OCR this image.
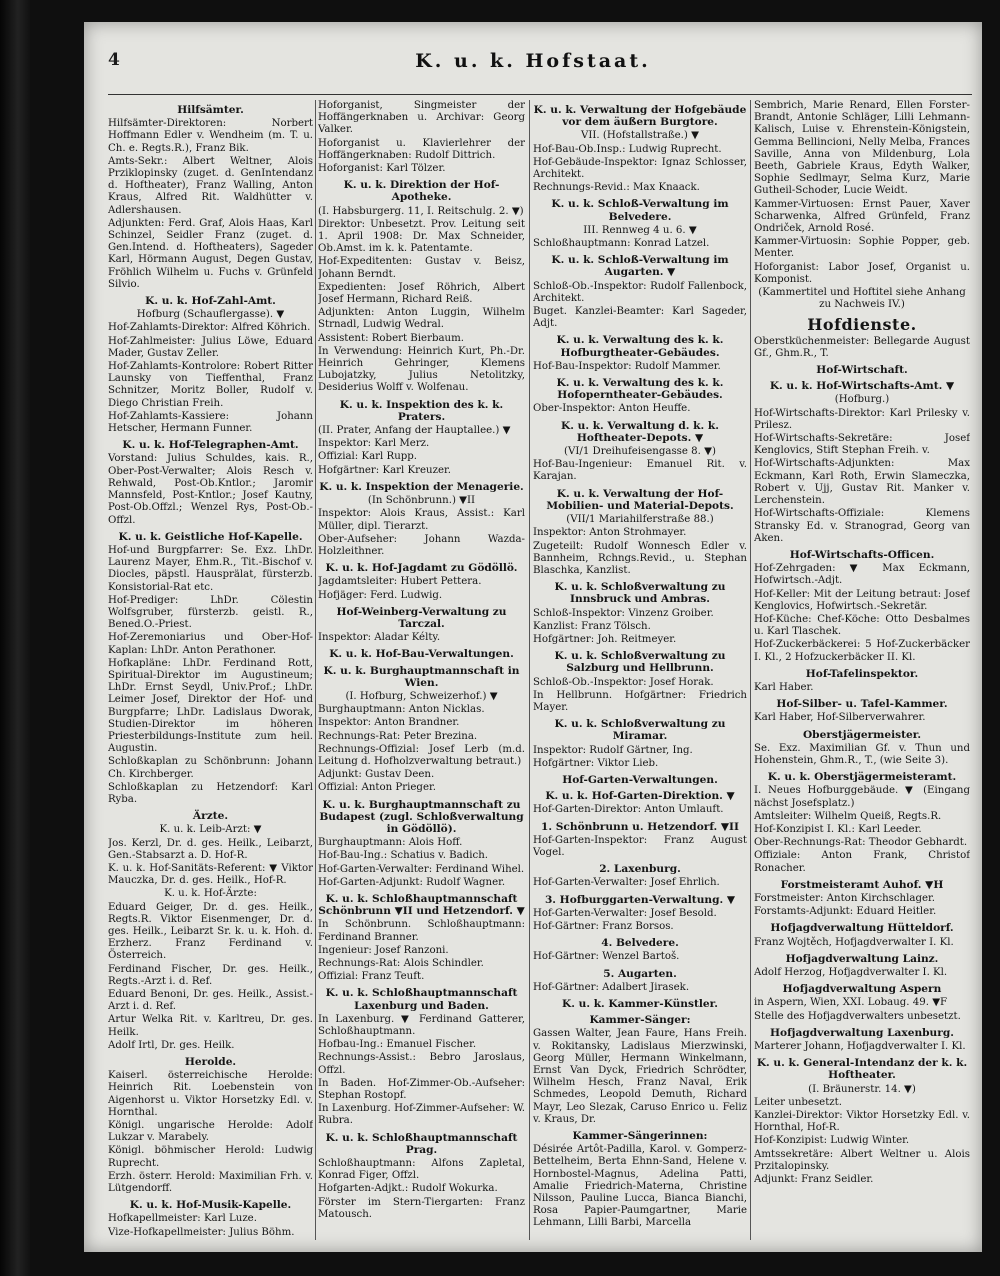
4	K. u. k. Hofstaat.
Hilfsämter.
Hilfsämter-Direktoren: Norbert Hoffmann Edler v. Wendheim (m. T. u. Ch. e. Regts.R.), Franz Bik.
Amts-Sekr.: Albert Weltner, Alois Prziklopinsky (zuget. d. GenIntendanz d. Hoftheater), Franz Walling, Anton Kraus, Alfred Rit. Waldhütter v. Adlershausen.
Adjunkten: Ferd. Graf, Alois Haas, Karl Schinzel, Seidler Franz (zuget. d. Gen.Intend. d. Hoftheaters), Sageder Karl, Hörmann August, Degen Gustav, Fröhlich Wilhelm u. Fuchs v. Grünfeld Silvio.
K. u. k. Hof-Zahl-Amt.
Hofburg (Schauflergasse). ▼
Hof-Zahlamts-Direktor: Alfred Köhrich.
Hof-Zahlmeister: Julius Löwe, Eduard Mader, Gustav Zeller.
Hof-Zahlamts-Kontrolore: Robert Ritter Launsky von Tieffenthal, Franz Schnitzer, Moritz Boller, Rudolf v. Diego Christian Freih.
Hof-Zahlamts-Kassiere: Johann Hetscher, Hermann Funner.
K. u. k. Hof-Telegraphen-Amt.
Vorstand: Julius Schuldes, kais. R., Ober-Post-Verwalter; Alois Resch v. Rehwald, Post-Ob.Kntlor.; Jaromir Mannsfeld, Post-Kntlor.; Josef Kautny, Post-Ob.Offzl.; Wenzel Rys, Post-Ob.-Offzl.
K. u. k. Geistliche Hof-Kapelle.
Hof-und Burgpfarrer: Se. Exz. LhDr. Laurenz Mayer, Ehm.R., Tit.-Bischof v. Diocles, päpstl. Hausprälat, fürsterzb. Konsistorial-Rat etc.
Hof-Prediger: LhDr. Cölestin Wolfsgruber, fürsterzb. geistl. R., Bened.O.-Priest.
Hof-Zeremoniarius und Ober-Hof-Kaplan: LhDr. Anton Perathoner.
Hofkapläne: LhDr. Ferdinand Rott, Spiritual-Direktor im Augustineum; LhDr. Ernst Seydl, Univ.Prof.; LhDr. Leimer Josef, Direktor der Hof- und Burgpfarre; LhDr. Ladislaus Dworak, Studien-Direktor im höheren Priesterbildungs-Institute zum heil. Augustin.
Schloßkaplan zu Schönbrunn: Johann Ch. Kirchberger.
Schloßkaplan zu Hetzendorf: Karl Ryba.
Ärzte.
K. u. k. Leib-Arzt: ▼
Jos. Kerzl, Dr. d. ges. Heilk., Leibarzt, Gen.-Stabsarzt a. D. Hof-R.
K. u. k. Hof-Sanitäts-Referent: ▼ Viktor Mauczka, Dr. d. ges. Heilk., Hof-R.
K. u. k. Hof-Ärzte:
Eduard Geiger, Dr. d. ges. Heilk., Regts.R. Viktor Eisenmenger, Dr. d. ges. Heilk., Leibarzt Sr. k. u. k. Hoh. d. Erzherz. Franz Ferdinand v. Österreich.
Ferdinand Fischer, Dr. ges. Heilk., Regts.-Arzt i. d. Ref.
Eduard Benoni, Dr. ges. Heilk., Assist.-Arzt i. d. Ref.
Artur Welka Rit. v. Karltreu, Dr. ges. Heilk.
Adolf Irtl, Dr. ges. Heilk.
Herolde.
Kaiserl. österreichische Herolde: Heinrich Rit. Loebenstein von Aigenhorst u. Viktor Horsetzky Edl. v. Hornthal.
Königl. ungarische Herolde: Adolf Lukzar v. Marabely.
Königl. böhmischer Herold: Ludwig Ruprecht.
Erzh. österr. Herold: Maximilian Frh. v. Lütgendorff.
K. u. k. Hof-Musik-Kapelle.
Hofkapellmeister: Karl Luze.
Vize-Hofkapellmeister: Julius Böhm.
Hoforganist, Singmeister der Hoffängerknaben u. Archivar: Georg Valker.
Hoforganist u. Klavierlehrer der Hoffängerknaben: Rudolf Dittrich.
Hoforganist: Karl Tölzer.
K. u. k. Direktion der Hof-Apotheke.
(I. Habsburgerg. 11, I. Reitschulg. 2. ▼)
Direktor: Unbesetzt. Prov. Leitung seit 1. April 1908: Dr. Max Schneider, Ob.Amst. im k. k. Patentamte.
Hof-Expeditenten: Gustav v. Beisz, Johann Berndt.
Expedienten: Josef Röhrich, Albert Josef Hermann, Richard Reiß.
Adjunkten: Anton Luggin, Wilhelm Strnadl, Ludwig Wedral.
Assistent: Robert Bierbaum.
In Verwendung: Heinrich Kurt, Ph.-Dr. Heinrich Gehringer, Klemens Lubojatzky, Julius Netolitzky, Desiderius Wolff v. Wolfenau.
K. u. k. Inspektion des k. k. Praters.
(II. Prater, Anfang der Hauptallee.) ▼
Inspektor: Karl Merz.
Offizial: Karl Rupp.
Hofgärtner: Karl Kreuzer.
K. u. k. Inspektion der Menagerie.
(In Schönbrunn.) ▼II
Inspektor: Alois Kraus, Assist.: Karl Müller, dipl. Tierarzt.
Ober-Aufseher: Johann Wazda-Holzleithner.
K. u. k. Hof-Jagdamt zu Gödöllö.
Jagdamtsleiter: Hubert Pettera.
Hofjäger: Ferd. Ludwig.
Hof-Weinberg-Verwaltung zu Tarczal.
Inspektor: Aladar Kélty.
K. u. k. Hof-Bau-Verwaltungen.
K. u. k. Burghauptmannschaft in Wien.
(I. Hofburg, Schweizerhof.) ▼
Burghauptmann: Anton Nicklas.
Inspektor: Anton Brandner.
Rechnungs-Rat: Peter Brezina.
Rechnungs-Offizial: Josef Lerb (m.d. Leitung d. Hofholzverwaltung betraut.)
Adjunkt: Gustav Deen.
Offizial: Anton Prieger.
K. u. k. Burghauptmannschaft zu Budapest (zugl. Schloßverwaltung in Gödöllö).
Burghauptmann: Alois Hoff.
Hof-Bau-Ing.: Schatius v. Badich.
Hof-Garten-Verwalter: Ferdinand Wihel.
Hof-Garten-Adjunkt: Rudolf Wagner.
K. u. k. Schloßhauptmannschaft Schönbrunn ▼II und Hetzendorf. ▼
In Schönbrunn. Schloßhauptmann: Ferdinand Branner.
Ingenieur: Josef Ranzoni.
Rechnungs-Rat: Alois Schindler.
Offizial: Franz Teuft.
K. u. k. Schloßhauptmannschaft Laxenburg und Baden.
In Laxenburg. ▼ Ferdinand Gatterer, Schloßhauptmann.
Hofbau-Ing.: Emanuel Fischer.
Rechnungs-Assist.: Bebro Jaroslaus, Offzl.
In Baden. Hof-Zimmer-Ob.-Aufseher: Stephan Rostopf.
In Laxenburg. Hof-Zimmer-Aufseher: W. Rubra.
K. u. k. Schloßhauptmannschaft Prag.
Schloßhauptmann: Alfons Zapletal, Konrad Figer, Offzl.
Hofgarten-Adjkt.: Rudolf Wokurka.
Förster im Stern-Tiergarten: Franz Matousch.
K. u. k. Verwaltung der Hofgebäude vor dem äußern Burgtore.
VII. (Hofstallstraße.) ▼
Hof-Bau-Ob.Insp.: Ludwig Ruprecht.
Hof-Gebäude-Inspektor: Ignaz Schlosser, Architekt.
Rechnungs-Revid.: Max Knaack.
K. u. k. Schloß-Verwaltung im Belvedere.
III. Rennweg 4 u. 6. ▼
Schloßhauptmann: Konrad Latzel.
K. u. k. Schloß-Verwaltung im Augarten. ▼
Schloß-Ob.-Inspektor: Rudolf Fallenbock, Architekt.
Buget. Kanzlei-Beamter: Karl Sageder, Adjt.
K. u. k. Verwaltung des k. k. Hofburgtheater-Gebäudes.
Hof-Bau-Inspektor: Rudolf Mammer.
K. u. k. Verwaltung des k. k. Hofoperntheater-Gebäudes.
Ober-Inspektor: Anton Heuffe.
K. u. k. Verwaltung d. k. k. Hoftheater-Depots. ▼
(VI/1 Dreihufeisengasse 8. ▼)
Hof-Bau-Ingenieur: Emanuel Rit. v. Karajan.
K. u. k. Verwaltung der Hof-Mobilien- und Material-Depots.
(VII/1 Mariahilferstraße 88.)
Inspektor: Anton Strohmayer.
Zugeteilt: Rudolf Wonnesch Edler v. Bannheim, Rchngs.Revid., u. Stephan Blaschka, Kanzlist.
K. u. k. Schloßverwaltung zu Innsbruck und Ambras.
Schloß-Inspektor: Vinzenz Groiber.
Kanzlist: Franz Tölsch.
Hofgärtner: Joh. Reitmeyer.
K. u. k. Schloßverwaltung zu Salzburg und Hellbrunn.
Schloß-Ob.-Inspektor: Josef Horak.
In Hellbrunn. Hofgärtner: Friedrich Mayer.
K. u. k. Schloßverwaltung zu Miramar.
Inspektor: Rudolf Gärtner, Ing.
Hofgärtner: Viktor Lieb.
Hof-Garten-Verwaltungen.
K. u. k. Hof-Garten-Direktion. ▼
Hof-Garten-Direktor: Anton Umlauft.
1. Schönbrunn u. Hetzendorf. ▼II
Hof-Garten-Inspektor: Franz August Vogel.
2. Laxenburg.
Hof-Garten-Verwalter: Josef Ehrlich.
3. Hofburggarten-Verwaltung. ▼
Hof-Garten-Verwalter: Josef Besold.
Hof-Gärtner: Franz Borsos.
4. Belvedere.
Hof-Gärtner: Wenzel Bartoš.
5. Augarten.
Hof-Gärtner: Adalbert Jirasek.
K. u. k. Kammer-Künstler.
Kammer-Sänger:
Gassen Walter, Jean Faure, Hans Freih. v. Rokitansky, Ladislaus Mierzwinski, Georg Müller, Hermann Winkelmann, Ernst Van Dyck, Friedrich Schrödter, Wilhelm Hesch, Franz Naval, Erik Schmedes, Leopold Demuth, Richard Mayr, Leo Slezak, Caruso Enrico u. Feliz v. Kraus, Dr.
Kammer-Sängerinnen:
Désirée Artôt-Padilla, Karol. v. Gomperz-Bettelheim, Berta Ehnn-Sand, Helene v. Hornbostel-Magnus, Adelina Patti, Amalie Friedrich-Materna, Christine Nilsson, Pauline Lucca, Bianca Bianchi, Rosa Papier-Paumgartner, Marie Lehmann, Lilli Barbi, Marcella
Sembrich, Marie Renard, Ellen Forster-Brandt, Antonie Schläger, Lilli Lehmann-Kalisch, Luise v. Ehrenstein-Königstein, Gemma Bellincioni, Nelly Melba, Frances Saville, Anna von Mildenburg, Lola Beeth, Gabriele Kraus, Edyth Walker, Sophie Sedlmayr, Selma Kurz, Marie Gutheil-Schoder, Lucie Weidt.
Kammer-Virtuosen: Ernst Pauer, Xaver Scharwenka, Alfred Grünfeld, Franz Ondriček, Arnold Rosé.
Kammer-Virtuosin: Sophie Popper, geb. Menter.
Hoforganist: Labor Josef, Organist u. Komponist.
(Kammertitel und Hoftitel siehe Anhang zu Nachweis IV.)
Hofdienste.
Oberstküchenmeister: Bellegarde August Gf., Ghm.R., T.
Hof-Wirtschaft.
K. u. k. Hof-Wirtschafts-Amt. ▼
(Hofburg.)
Hof-Wirtschafts-Direktor: Karl Prilesky v. Prilesz.
Hof-Wirtschafts-Sekretäre: Josef Kenglovics, Stift Stephan Freih. v.
Hof-Wirtschafts-Adjunkten: Max Eckmann, Karl Roth, Erwin Slameczka, Robert v. Ujj, Gustav Rit. Manker v. Lerchenstein.
Hof-Wirtschafts-Offiziale: Klemens Stransky Ed. v. Stranograd, Georg van Aken.
Hof-Wirtschafts-Officen.
Hof-Zehrgaden: ▼ Max Eckmann, Hofwirtsch.-Adjt.
Hof-Keller: Mit der Leitung betraut: Josef Kenglovics, Hofwirtsch.-Sekretär.
Hof-Küche: Chef-Köche: Otto Desbalmes u. Karl Tlaschek.
Hof-Zuckerbäckerei: 5 Hof-Zuckerbäcker I. Kl., 2 Hofzuckerbäcker II. Kl.
Hof-Tafelinspektor.
Karl Haber.
Hof-Silber- u. Tafel-Kammer.
Karl Haber, Hof-Silberverwahrer.
Oberstjägermeister.
Se. Exz. Maximilian Gf. v. Thun und Hohenstein, Ghm.R., T., (wie Seite 3).
K. u. k. Oberstjägermeisteramt.
I. Neues Hofburggebäude. ▼ (Eingang nächst Josefsplatz.)
Amtsleiter: Wilhelm Queiß, Regts.R.
Hof-Konzipist I. Kl.: Karl Leeder.
Ober-Rechnungs-Rat: Theodor Gebhardt.
Offiziale: Anton Frank, Christof Ronacher.
Forstmeisteramt Auhof. ▼H
Forstmeister: Anton Kirchschlager.
Forstamts-Adjunkt: Eduard Heitler.
Hofjagdverwaltung Hütteldorf.
Franz Wojtěch, Hofjagdverwalter I. Kl.
Hofjagdverwaltung Lainz.
Adolf Herzog, Hofjagdverwalter I. Kl.
Hofjagdverwaltung Aspern
in Aspern, Wien, XXI. Lobaug. 49. ▼F
Stelle des Hofjagdverwalters unbesetzt.
Hofjagdverwaltung Laxenburg.
Marterer Johann, Hofjagdverwalter I. Kl.
K. u. k. General-Intendanz der k. k. Hoftheater.
(I. Bräunerstr. 14. ▼)
Leiter unbesetzt.
Kanzlei-Direktor: Viktor Horsetzky Edl. v. Hornthal, Hof-R.
Hof-Konzipist: Ludwig Winter.
Amtssekretäre: Albert Weltner u. Alois Przitalopinsky.
Adjunkt: Franz Seidler.
